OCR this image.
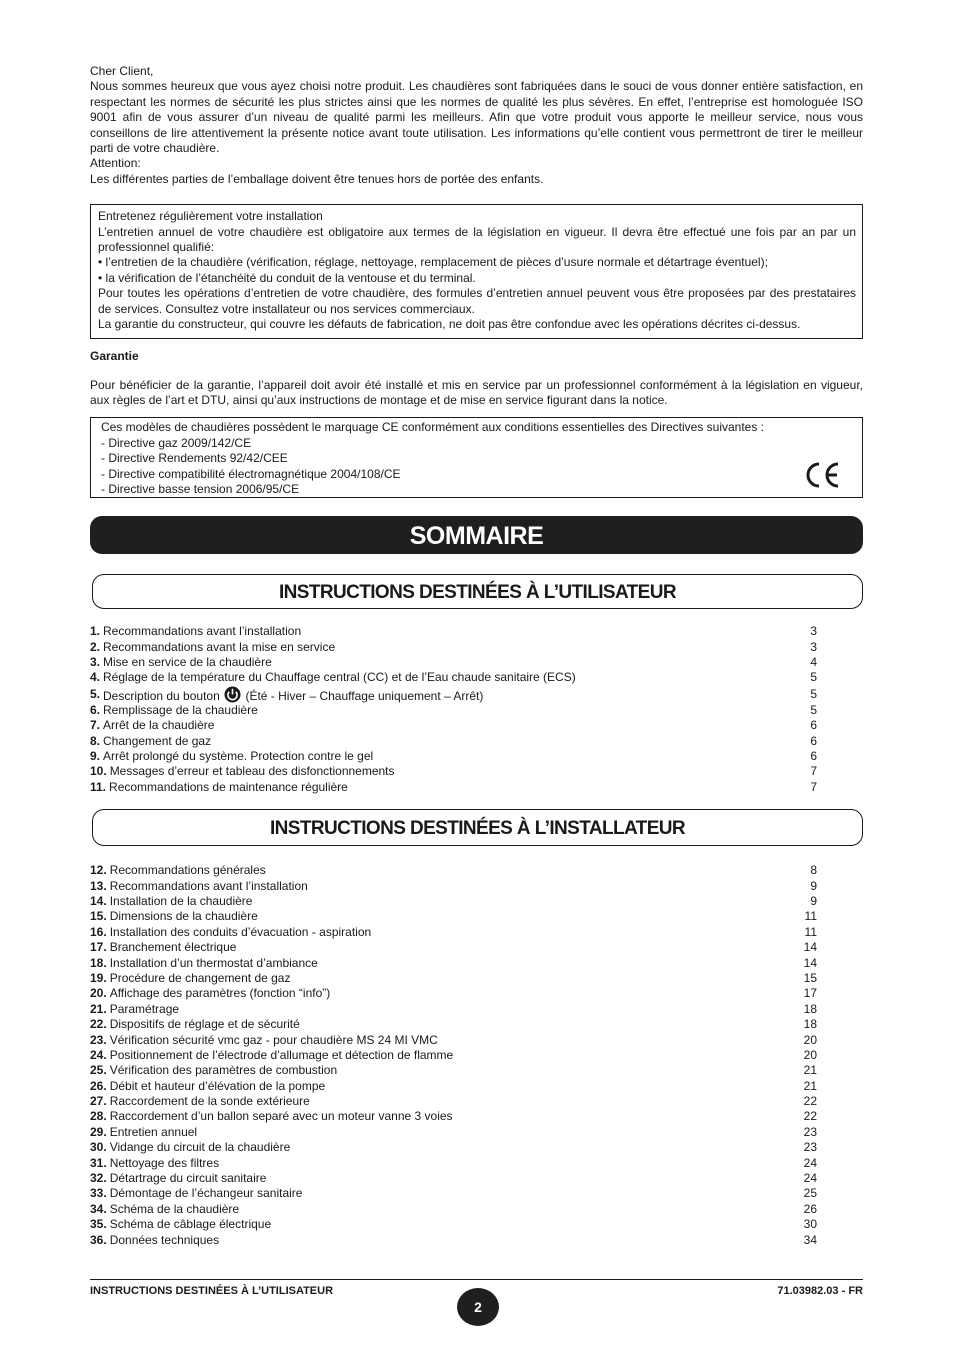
Cher Client,

Nous sommes heureux que vous ayez choisi notre produit. Les chaudières sont fabriquées dans le souci de vous donner entière satisfaction, en respectant les normes de sécurité les plus strictes ainsi que les normes de qualité les plus sévères. En effet, l’entreprise est homologuée ISO 9001 afin de vous assurer d’un niveau de qualité parmi les meilleurs. Afin que votre produit vous apporte le meilleur service, nous vous conseillons de lire attentivement la présente notice avant toute utilisation. Les informations qu’elle contient vous permettront de tirer le meilleur parti de votre chaudière.

Attention:

Les différentes parties de l’emballage doivent être tenues hors de portée des enfants.

Entretenez régulièrement votre installation

L’entretien annuel de votre chaudière est obligatoire aux termes de la législation en vigueur. Il devra être effectué une fois par an par un professionnel qualifié:

• l’entretien de la chaudière (vérification, réglage, nettoyage, remplacement de pièces d’usure normale et détartrage éventuel);

• la vérification de l’étanchéité du conduit de la ventouse et du terminal.

Pour toutes les opérations d’entretien de votre chaudière, des formules d’entretien annuel peuvent vous être proposées par des prestataires de services. Consultez votre installateur ou nos services commerciaux.

La garantie du constructeur, qui couvre les défauts de fabrication, ne doit pas être confondue avec les opérations décrites ci-dessus.

Garantie
Pour bénéficier de la garantie, l’appareil doit avoir été installé et mis en service par un professionnel conformément à la législation en vigueur, aux règles de l’art et DTU, ainsi qu’aux instructions de montage et de mise en service figurant dans la notice.

Ces modèles de chaudières possèdent le marquage CE conformément aux conditions essentielles des Directives suivantes :

- Directive gaz 2009/142/CE

- Directive Rendements 92/42/CEE

- Directive compatibilité électromagnétique 2004/108/CE

- Directive basse tension 2006/95/CE

SOMMAIRE
INSTRUCTIONS DESTINÉES À L’UTILISATEUR
1. Recommandations avant l’installation	3
2. Recommandations avant la mise en service	3
3. Mise en service de la chaudière	4
4. Réglage de la température du Chauffage central (CC) et de l’Eau chaude sanitaire (ECS)	5
5. Description du bouton (Été - Hiver – Chauffage uniquement – Arrêt)	5
6. Remplissage de la chaudière	5
7. Arrêt de la chaudière	6
8. Changement de gaz	6
9. Arrêt prolongé du système. Protection contre le gel	6
10. Messages d’erreur et tableau des disfonctionnements	7
11. Recommandations de maintenance régulière	7
INSTRUCTIONS DESTINÉES À L’INSTALLATEUR
12. Recommandations générales	8
13. Recommandations avant l’installation	9
14. Installation de la chaudière	9
15. Dimensions de la chaudière	11
16. Installation des conduits d’évacuation - aspiration	11
17. Branchement électrique	14
18. Installation d’un thermostat d’ambiance	14
19. Procédure de changement de gaz	15
20. Affichage des paramètres (fonction “info”)	17
21. Paramétrage	18
22. Dispositifs de réglage et de sécurité	18
23. Vérification sécurité vmc gaz - pour chaudière MS 24 MI VMC	20
24. Positionnement de l’électrode d’allumage et détection de flamme	20
25. Vérification des paramètres de combustion	21
26. Débit et hauteur d’élévation de la pompe	21
27. Raccordement de la sonde extérieure	22
28. Raccordement d’un ballon separé avec un moteur vanne 3 voies	22
29. Entretien annuel	23
30. Vidange du circuit de la chaudière	23
31. Nettoyage des filtres	24
32. Détartrage du circuit sanitaire	24
33. Démontage de l’échangeur sanitaire	25
34. Schéma de la chaudière	26
35. Schéma de câblage électrique	30
36. Données techniques	34
INSTRUCTIONS DESTINÉES À L’UTILISATEUR
2
71.03982.03 - FR
